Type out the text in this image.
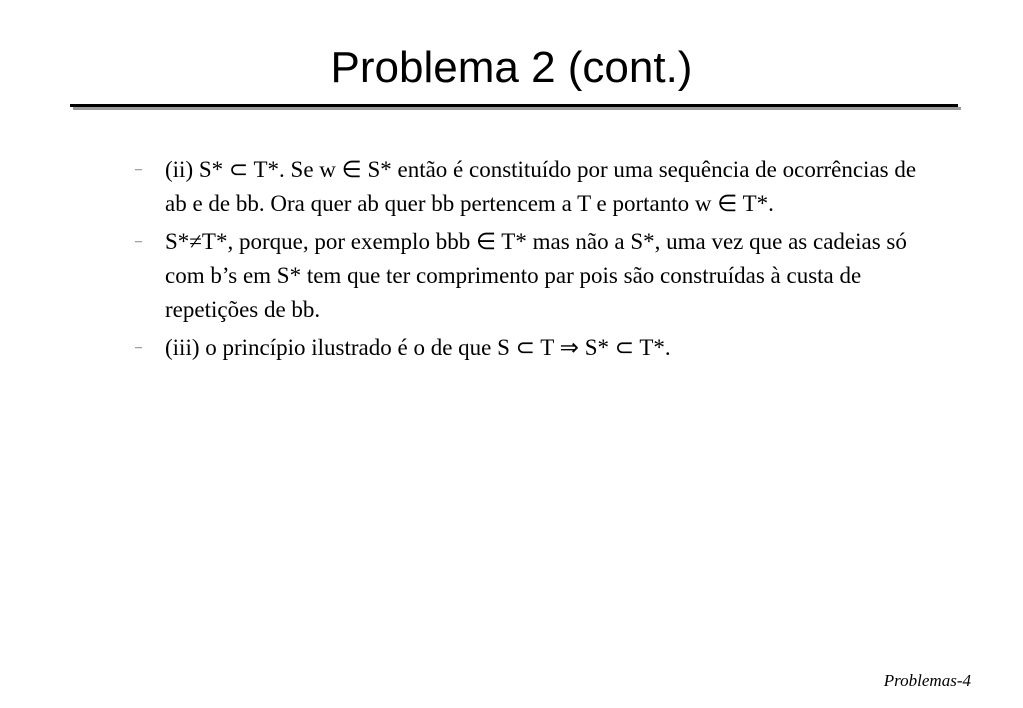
Problema 2 (cont.)
– (ii) S* ⊂ T*. Se w ∈ S* então é constituído por uma sequência de ocorrências de ab e de bb. Ora quer ab quer bb pertencem a T e portanto w ∈ T*.
– S*≠T*, porque, por exemplo bbb ∈ T* mas não a S*, uma vez que as cadeias só com b’s em S* tem que ter comprimento par pois são construídas à custa de repetições de bb.
– (iii) o princípio ilustrado é o de que S ⊂ T ⇒ S* ⊂ T*.
Problemas-4
